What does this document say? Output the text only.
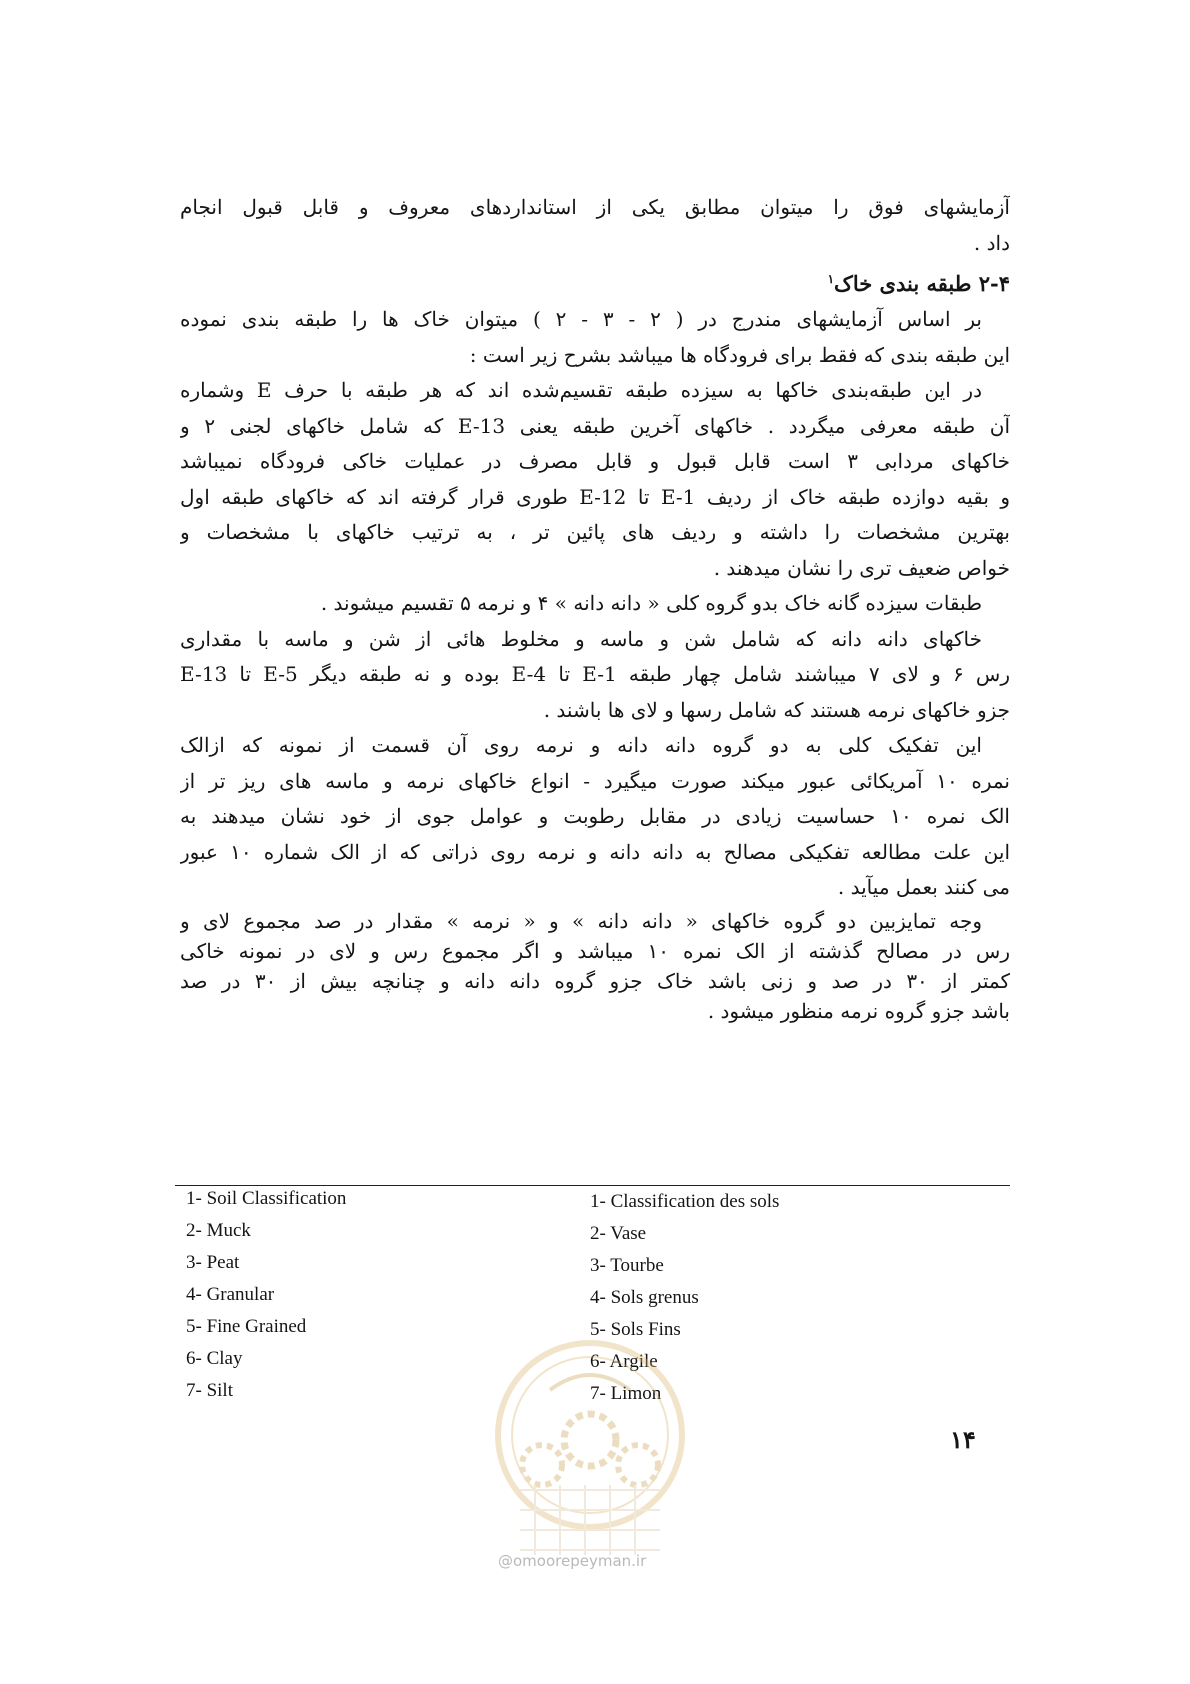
آزمایشهای فوق را میتوان مطابق یکی از استانداردهای معروف و قابل قبول انجام
داد .
۲-۴ طبقه بندی خاک$^۱$
بر اساس آزمایشهای مندرج در ( ۲ - ۳ - ۲ ) میتوان خاک ها را طبقه بندی نموده
این طبقه بندی که فقط برای فرودگاه ها میباشد بشرح زیر است :
در این طبقه‌بندی خاکها به سیزده طبقه تقسیم‌شده اند که هر طبقه با حرف E وشماره
آن طبقه معرفی میگردد . خاکهای آخرین طبقه یعنی E-13 که شامل خاکهای لجنی ۲ و
خاکهای مردابی ۳ است قابل قبول و قابل مصرف در عملیات خاکی فرودگاه نمیباشد
و بقیه دوازده طبقه خاک از ردیف E-1 تا E-12 طوری قرار گرفته اند که خاکهای طبقه اول
بهترین مشخصات را داشته و ردیف های پائین تر ، به ترتیب خاکهای با مشخصات و
خواص ضعیف تری را نشان میدهند .
طبقات سیزده گانه خاک بدو گروه کلی « دانه دانه » ۴ و نرمه ۵ تقسیم میشوند .
خاکهای دانه دانه که شامل شن و ماسه و مخلوط هائی از شن و ماسه با مقداری
رس ۶ و لای ۷ میباشند شامل چهار طبقه E-1 تا E-4 بوده و نه طبقه دیگر E-5 تا E-13
جزو خاکهای نرمه هستند که شامل رسها و لای ها باشند .
این تفکیک کلی به دو گروه دانه دانه و نرمه روی آن قسمت از نمونه که ازالک
نمره ۱۰ آمریکائی عبور میکند صورت میگیرد - انواع خاکهای نرمه و ماسه های ریز تر از
الک نمره ۱۰ حساسیت زیادی در مقابل رطوبت و عوامل جوی از خود نشان میدهند به
این علت مطالعه تفکیکی مصالح به دانه دانه و نرمه روی ذراتی که از الک شماره ۱۰ عبور
می کنند بعمل میآید .
وجه تمایزبین دو گروه خاکهای « دانه دانه » و « نرمه » مقدار در صد مجموع لای و
رس در مصالح گذشته از الک نمره ۱۰ میباشد و اگر مجموع رس و لای در نمونه خاکی
کمتر از ۳۰ در صد و زنی باشد خاک جزو گروه دانه دانه و چنانچه بیش از ۳۰ در صد
باشد جزو گروه نرمه منظور میشود .
1- Soil Classification
2- Muck
3- Peat
4- Granular
5- Fine Grained
6- Clay
7- Silt
1- Classification des sols
2- Vase
3- Tourbe
4- Sols grenus
5- Sols Fins
6- Argile
7- Limon
۱۴
@omoorepeyman.ir
